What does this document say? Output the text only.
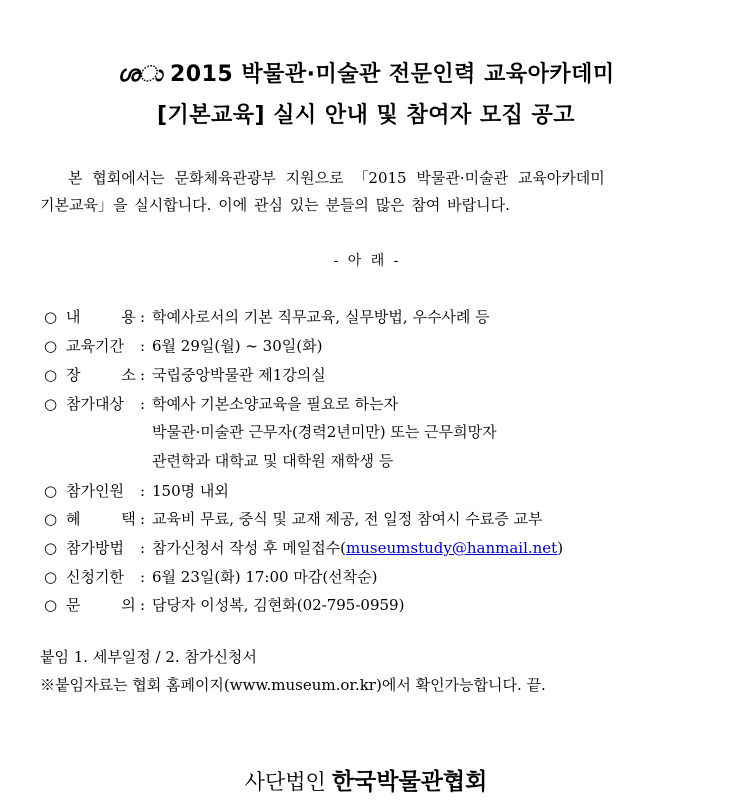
ശು 2015 박물관·미술관 전문인력 교육아카데미
[기본교육] 실시 안내 및 참여자 모집 공고
본 협회에서는 문화체육관광부 지원으로 「2015 박물관·미술관 교육아카데미
기본교육」을 실시합니다. 이에 관심 있는 분들의 많은 참여 바랍니다.
- 아 래 -
○ 내 용 : 학예사로서의 기본 직무교육, 실무방법, 우수사례 등
○ 교육기간 : 6월 29일(월) ~ 30일(화)
○ 장 소 : 국립중앙박물관 제1강의실
○ 참가대상 : 학예사 기본소양교육을 필요로 하는자
박물관·미술관 근무자(경력2년미만) 또는 근무희망자
관련학과 대학교 및 대학원 재학생 등
○ 참가인원 : 150명 내외
○ 혜 택 : 교육비 무료, 중식 및 교재 제공, 전 일정 참여시 수료증 교부
○ 참가방법 : 참가신청서 작성 후 메일접수(museumstudy@hanmail.net)
○ 신청기한 : 6월 23일(화) 17:00 마감(선착순)
○ 문 의 : 담당자 이성복, 김현화(02-795-0959)
붙임 1. 세부일정 / 2. 참가신청서
※붙임자료는 협회 홈페이지(www.museum.or.kr)에서 확인가능합니다. 끝.
사단법인 한국박물관협회
